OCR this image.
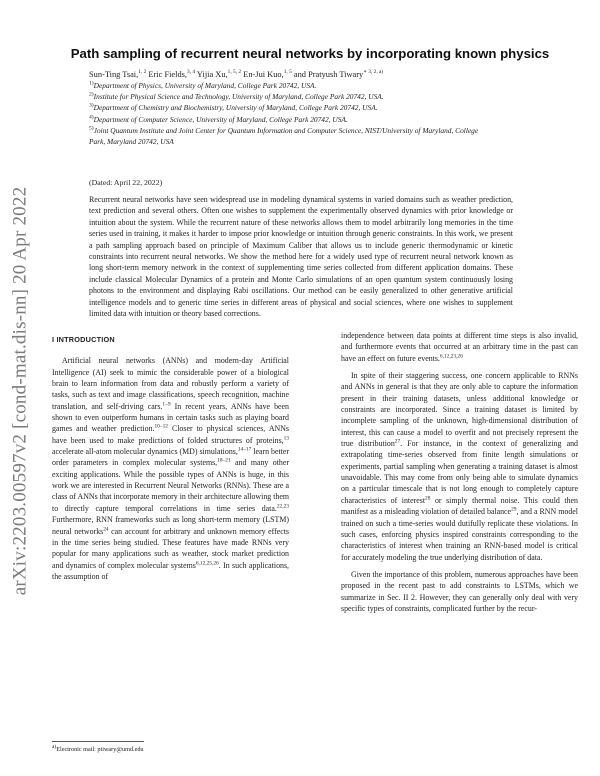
arXiv:2203.00597v2 [cond-mat.dis-nn] 20 Apr 2022
Path sampling of recurrent neural networks by incorporating known physics
Sun-Ting Tsai,$^{1, 2}$ Eric Fields,$^{3, 4}$ Yijia Xu,$^{1, 5, 2}$ En-Jui Kuo,$^{1, 5}$ and Pratyush Tiwary$^{∗ 3, 2, a)}$
$^{1)}$Department of Physics, University of Maryland, College Park 20742, USA.
$^{2)}$Institute for Physical Science and Technology, University of Maryland, College Park 20742, USA.
$^{3)}$Department of Chemistry and Biochemistry, University of Maryland, College Park 20742, USA.
$^{4)}$Department of Computer Science, University of Maryland, College Park 20742, USA.
$^{5)}$Joint Quantum Institute and Joint Center for Quantum Information and Computer Science, NIST/University of Maryland, College Park, Maryland 20742, USA
(Dated: April 22, 2022)

Recurrent neural networks have seen widespread use in modeling dynamical systems in varied domains such as weather prediction, text prediction and several others. Often one wishes to supplement the experimentally observed dynamics with prior knowledge or intuition about the system. While the recurrent nature of these networks allows them to model arbitrarily long memories in the time series used in training, it makes it harder to impose prior knowledge or intuition through generic constraints. In this work, we present a path sampling approach based on principle of Maximum Caliber that allows us to include generic thermodynamic or kinetic constraints into recurrent neural networks. We show the method here for a widely used type of recurrent neural network known as long short-term memory network in the context of supplementing time series collected from different application domains. These include classical Molecular Dynamics of a protein and Monte Carlo simulations of an open quantum system continuously losing photons to the environment and displaying Rabi oscillations. Our method can be easily generalized to other generative artificial intelligence models and to generic time series in different areas of physical and social sciences, where one wishes to supplement limited data with intuition or theory based corrections.

I INTRODUCTION

Artificial neural networks (ANNs) and modern-day Artificial Intelligence (AI) seek to mimic the considerable power of a biological brain to learn information from data and robustly perform a variety of tasks, such as text and image classifications, speech recognition, machine translation, and self-driving cars.$^{1-9}$ In recent years, ANNs have been shown to even outperform humans in certain tasks such as playing board games and weather prediction.$^{10-12}$ Closer to physical sciences, ANNs have been used to make predictions of folded structures of proteins,$^{13}$ accelerate all-atom molecular dynamics (MD) simulations,$^{14-17}$ learn better order parameters in complex molecular systems,$^{18-21}$ and many other exciting applications. While the possible types of ANNs is huge, in this work we are interested in Recurrent Neural Networks (RNNs). These are a class of ANNs that incorporate memory in their architecture allowing them to directly capture temporal correlations in time series data.$^{22,23}$ Furthermore, RNN frameworks such as long short-term memory (LSTM) neural networks$^{24}$ can account for arbitrary and unknown memory effects in the time series being studied. These features have made RNNs very popular for many applications such as weather, stock market prediction and dynamics of complex molecular systems$^{6,12,25,26}$. In such applications, the assumption of

independence between data points at different time steps is also invalid, and furthermore events that occurred at an arbitrary time in the past can have an effect on future events.$^{6,12,23,26}$

In spite of their staggering success, one concern applicable to RNNs and ANNs in general is that they are only able to capture the information present in their training datasets, unless additional knowledge or constraints are incorporated. Since a training dataset is limited by incomplete sampling of the unknown, high-dimensional distribution of interest, this can cause a model to overfit and not precisely represent the true distribution$^{27}$. For instance, in the context of generalizing and extrapolating time-series observed from finite length simulations or experiments, partial sampling when generating a training dataset is almost unavoidable. This may come from only being able to simulate dynamics on a particular timescale that is not long enough to completely capture characteristics of interest$^{28}$ or simply thermal noise. This could then manifest as a misleading violation of detailed balance$^{29}$, and a RNN model trained on such a time-series would dutifully replicate these violations. In such cases, enforcing physics inspired constraints corresponding to the characteristics of interest when training an RNN-based model is critical for accurately modeling the true underlying distribution of data.

Given the importance of this problem, numerous approaches have been proposed in the recent past to add constraints to LSTMs, which we summarize in Sec. II 2. However, they can generally only deal with very specific types of constraints, complicated further by the recur-

$^{a)}$Electronic mail: ptiwary@umd.edu
